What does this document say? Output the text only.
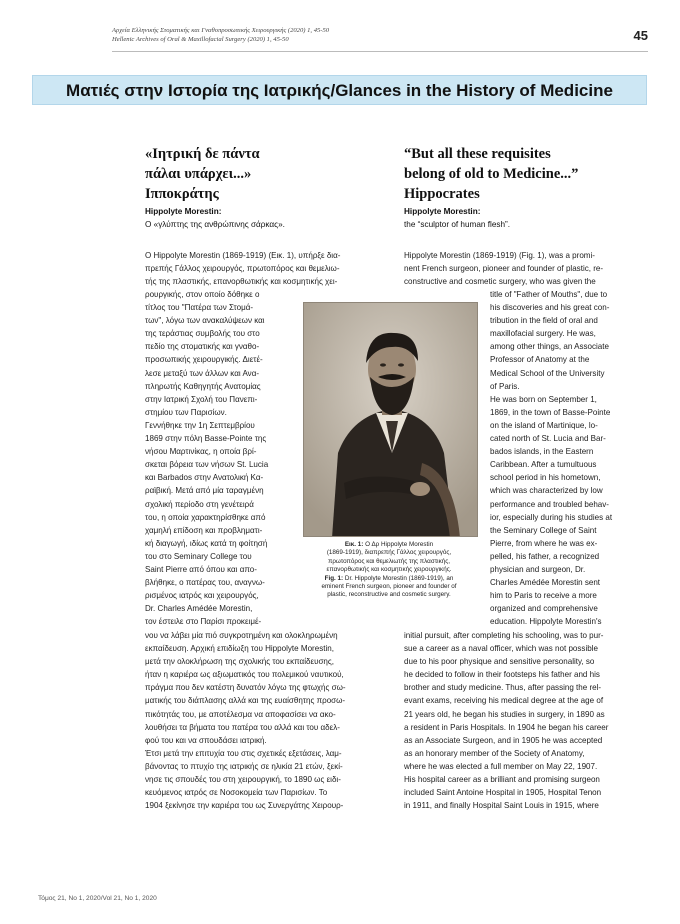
Αρχεία Ελληνικής Στοματικής και Γναθοπροσωπικής Χειρουργικής (2020) 1, 45-50
Hellenic Archives of Oral & Maxillofacial Surgery (2020) 1, 45-50	45
Ματιές στην Ιστορία της Ιατρικής/Glances in the History of Medicine
«Ιητρική δε πάντα
πάλαι υπάρχει...»
Ιπποκράτης
Hippolyte Morestin:
Ο «γλύπτης της ανθρώπινης σάρκας».
“But all these requisites
belong of old to Medicine...”
Hippocrates
Hippolyte Morestin:
the “sculptor of human flesh”.
Ο Hippolyte Morestin (1869-1919) (Εικ. 1), υπήρξε δια-
πρεπής Γάλλος χειρουργός, πρωτοπόρος και θεμελιω-
τής της πλαστικής, επανορθωτικής και κοσμητικής χει-
ρουργικής, στον οποίο δόθηκε ο
τίτλος του "Πατέρα των Στομά-
των", λόγω των ανακαλύψεων και
της τεράστιας συμβολής του στο
πεδίο της στοματικής και γναθο-
προσωπικής χειρουργικής. Διετέ-
λεσε μεταξύ των άλλων και Ανα-
πληρωτής Καθηγητής Ανατομίας
στην Ιατρική Σχολή του Πανεπι-
στημίου των Παρισίων.
Γεννήθηκε την 1η Σεπτεμβρίου
1869 στην πόλη Basse-Pointe της
νήσου Μαρτινίκας, η οποία βρί-
σκεται βόρεια των νήσων St. Lucia
και Barbados στην Ανατολική Κα-
ραϊβική. Μετά από μία ταραγμένη
σχολική περίοδο στη γενέτειρά
του, η οποία χαρακτηρίσθηκε από
χαμηλή επίδοση και προβληματι-
κή διαγωγή, ιδίως κατά τη φοίτησή
του στο Seminary College του
Saint Pierre από όπου και απο-
βλήθηκε, ο πατέρας του, αναγνω-
ρισμένος ιατρός και χειρουργός,
Dr. Charles Amédée Morestin,
τον έστειλε στο Παρίσι προκειμέ-
νου να λάβει μία πιό συγκροτημένη και ολοκληρωμένη
εκπαίδευση. Αρχική επιδίωξη του Hippolyte Morestin,
μετά την ολοκλήρωση της σχολικής του εκπαίδευσης,
ήταν η καριέρα ως αξιωματικός του πολεμικού ναυτικού,
πράγμα που δεν κατέστη δυνατόν λόγω της φτωχής σω-
ματικής του διάπλασης αλλά και της ευαίσθητης προσω-
πικότητάς του, με αποτέλεσμα να αποφασίσει να ακο-
λουθήσει τα βήματα του πατέρα του αλλά και του αδελ-
φού του και να σπουδάσει ιατρική.
Έτσι μετά την επιτυχία του στις σχετικές εξετάσεις, λαμ-
βάνοντας το πτυχίο της ιατρικής σε ηλικία 21 ετών, ξεκί-
νησε τις σπουδές του στη χειρουργική, το 1890 ως ειδι-
κευόμενος ιατρός σε Νοσοκομεία των Παρισίων. Το
1904 ξεκίνησε την καριέρα του ως Συνεργάτης Χειρουρ-
Hippolyte Morestin (1869-1919) (Fig. 1), was a promi-
nent French surgeon, pioneer and founder of plastic, re-
constructive and cosmetic surgery, who was given the
title of "Father of Mouths", due to
his discoveries and his great con-
tribution in the field of oral and
maxillofacial surgery. He was,
among other things, an Associate
Professor of Anatomy at the
Medical School of the University
of Paris.
He was born on September 1,
1869, in the town of Basse-Pointe
on the island of Martinique, lo-
cated north of St. Lucia and Bar-
bados islands, in the Eastern
Caribbean. After a tumultuous
school period in his hometown,
which was characterized by low
performance and troubled behav-
ior, especially during his studies at
the Seminary College of Saint
Pierre, from where he was ex-
pelled, his father, a recognized
physician and surgeon, Dr.
Charles Amédée Morestin sent
him to Paris to receive a more
organized and comprehensive
education. Hippolyte Morestin's
initial pursuit, after completing his schooling, was to pur-
sue a career as a naval officer, which was not possible
due to his poor physique and sensitive personality, so
he decided to follow in their footsteps his father and his
brother and study medicine. Thus, after passing the rel-
evant exams, receiving his medical degree at the age of
21 years old, he began his studies in surgery, in 1890 as
a resident in Paris Hospitals. In 1904 he began his career
as an Associate Surgeon, and in 1905 he was accepted
as an honorary member of the Society of Anatomy,
where he was elected a full member on May 22, 1907.
His hospital career as a brilliant and promising surgeon
included Saint Antoine Hospital in 1905, Hospital Tenon
in 1911, and finally Hospital Saint Louis in 1915, where
Εικ. 1: Ο Δρ Hippolyte Morestin
(1869-1919), διαπρεπής Γάλλος χειρουργός,
πρωτοπόρος και θεμελιωτής της πλαστικής,
επανορθωτικής και κοσμητικής χειρουργικής.
Fig. 1: Dr. Hippolyte Morestin (1869-1919), an
eminent French surgeon, pioneer and founder of
plastic, reconstructive and cosmetic surgery.
Τόμος 21, Νο 1, 2020/Vol 21, No 1, 2020
